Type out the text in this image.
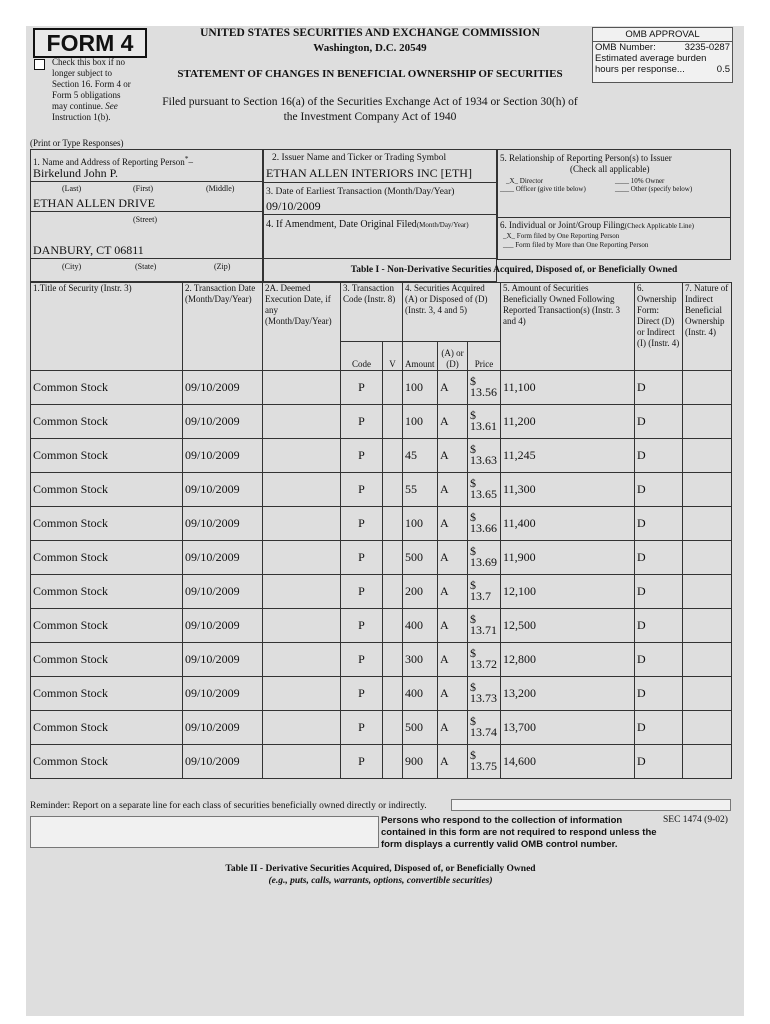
FORM 4
Check this box if no
longer subject to
Section 16. Form 4 or
Form 5 obligations
may continue. See
Instruction 1(b).
UNITED STATES SECURITIES AND EXCHANGE COMMISSION
Washington, D.C. 20549
STATEMENT OF CHANGES IN BENEFICIAL OWNERSHIP OF SECURITIES
Filed pursuant to Section 16(a) of the Securities Exchange Act of 1934 or Section 30(h) of
the Investment Company Act of 1940
OMB APPROVAL
OMB Number:	3235-0287
Estimated average burden
hours per response...	0.5
(Print or Type Responses)
1. Name and Address of Reporting Person*–
Birkelund John P.
(Last)	(First)	(Middle)
ETHAN ALLEN DRIVE
(Street)
DANBURY, CT 06811
(City)	(State)	(Zip)
2. Issuer Name and Ticker or Trading Symbol
ETHAN ALLEN INTERIORS INC [ETH]
3. Date of Earliest Transaction (Month/Day/Year)
09/10/2009
4. If Amendment, Date Original Filed(Month/Day/Year)
5. Relationship of Reporting Person(s) to Issuer
(Check all applicable)
_X_ Director	____ 10% Owner
____ Officer (give title below)	____ Other (specify below)
6. Individual or Joint/Group Filing(Check Applicable Line)
_X_ Form filed by One Reporting Person
___ Form filed by More than One Reporting Person
Table I - Non-Derivative Securities Acquired, Disposed of, or Beneficially Owned
1.Title of Security (Instr. 3)	2. Transaction Date (Month/Day/Year)	2A. Deemed Execution Date, if any (Month/Day/Year)	3. Transaction Code (Instr. 8)		4. Securities Acquired (A) or Disposed of (D) (Instr. 3, 4 and 5)			5. Amount of Securities Beneficially Owned Following Reported Transaction(s) (Instr. 3 and 4)	6. Ownership Form: Direct (D) or Indirect (I) (Instr. 4)	7. Nature of Indirect Beneficial Ownership (Instr. 4)
			Code	V	Amount	(A) or (D)	Price			
Common Stock	09/10/2009		P		100	A	$
13.56	11,100	D	
Common Stock	09/10/2009		P		100	A	$
13.61	11,200	D	
Common Stock	09/10/2009		P		45	A	$
13.63	11,245	D	
Common Stock	09/10/2009		P		55	A	$
13.65	11,300	D	
Common Stock	09/10/2009		P		100	A	$
13.66	11,400	D	
Common Stock	09/10/2009		P		500	A	$
13.69	11,900	D	
Common Stock	09/10/2009		P		200	A	$
13.7	12,100	D	
Common Stock	09/10/2009		P		400	A	$
13.71	12,500	D	
Common Stock	09/10/2009		P		300	A	$
13.72	12,800	D	
Common Stock	09/10/2009		P		400	A	$
13.73	13,200	D	
Common Stock	09/10/2009		P		500	A	$
13.74	13,700	D	
Common Stock	09/10/2009		P		900	A	$
13.75	14,600	D	
Reminder: Report on a separate line for each class of securities beneficially owned directly or indirectly.
Persons who respond to the collection of information contained in this form are not required to respond unless the form displays a currently valid OMB control number.
SEC 1474 (9-02)
Table II - Derivative Securities Acquired, Disposed of, or Beneficially Owned
(e.g., puts, calls, warrants, options, convertible securities)
